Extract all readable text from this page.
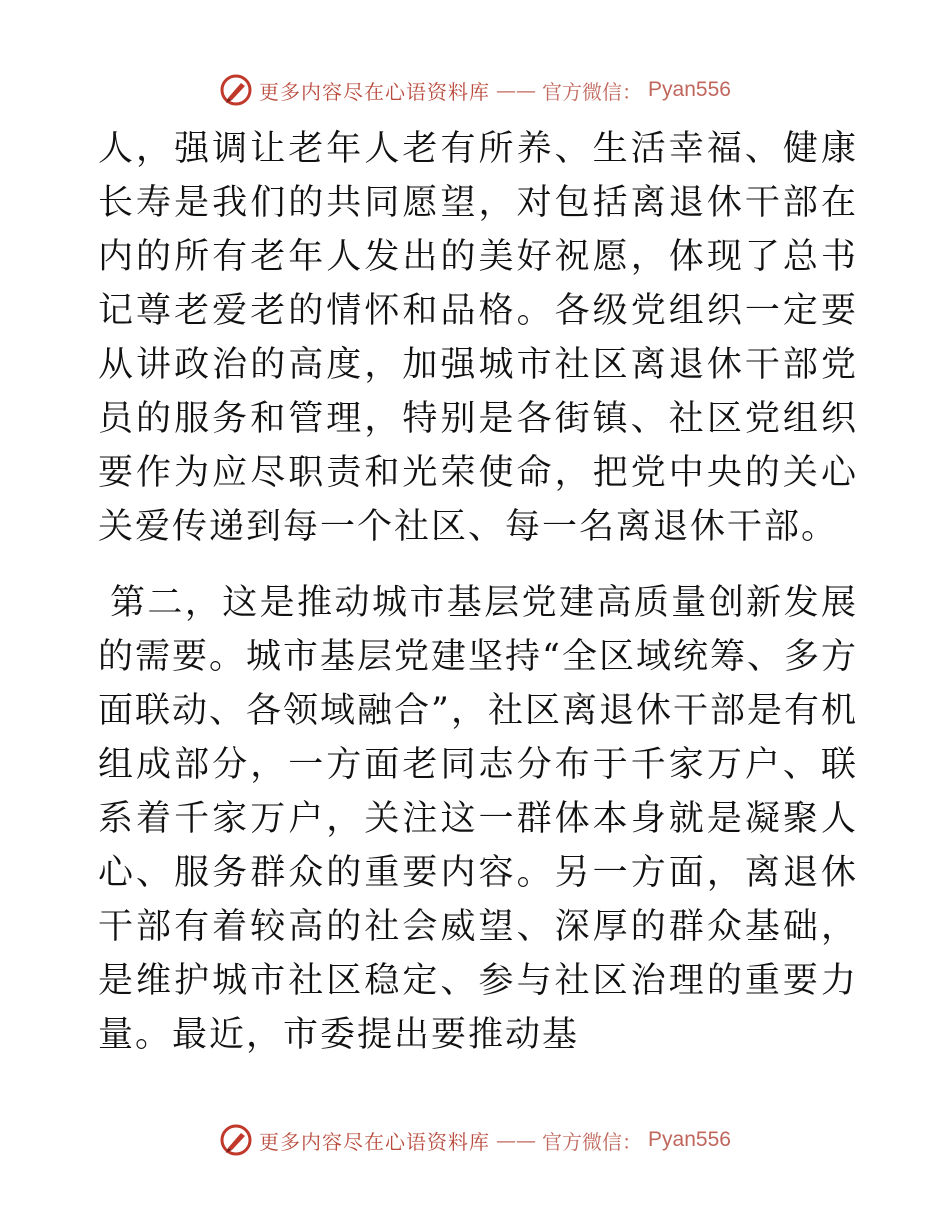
更多内容尽在心语资料库 —— 官方微信： Pyan556

人，强调让老年人老有所养、生活幸福、健康长寿是我们的共同愿望，对包括离退休干部在内的所有老年人发出的美好祝愿，体现了总书记尊老爱老的情怀和品格。各级党组织一定要从讲政治的高度，加强城市社区离退休干部党员的服务和管理，特别是各街镇、社区党组织要作为应尽职责和光荣使命，把党中央的关心关爱传递到每一个社区、每一名离退休干部。

第二，这是推动城市基层党建高质量创新发展的需要。城市基层党建坚持“全区域统筹、多方面联动、各领域融合”，社区离退休干部是有机组成部分，一方面老同志分布于千家万户、联系着千家万户，关注这一群体本身就是凝聚人心、服务群众的重要内容。另一方面，离退休干部有着较高的社会威望、深厚的群众基础，是维护城市社区稳定、参与社区治理的重要力量。最近，市委提出要推动基

更多内容尽在心语资料库 —— 官方微信： Pyan556
